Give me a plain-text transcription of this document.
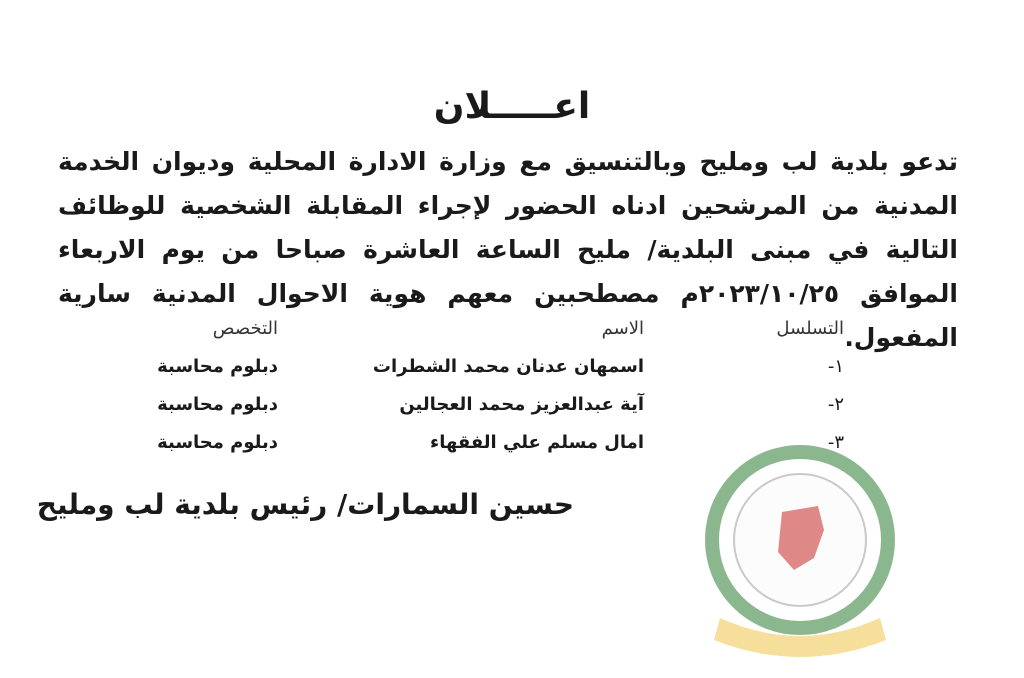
اعـــــلان
تدعو بلدية لب ومليح وبالتنسيق مع وزارة الادارة المحلية وديوان الخدمة المدنية من المرشحين ادناه الحضور لإجراء المقابلة الشخصية للوظائف التالية في مبنى البلدية/ مليح الساعة العاشرة صباحا من يوم الاربعاء الموافق ٢٠٢٣/١٠/٢٥م مصطحبين معهم هوية الاحوال المدنية سارية المفعول.
التسلسل
الاسم
التخصص
١-
اسمهان عدنان محمد الشطرات
دبلوم محاسبة
٢-
آية عبدالعزيز محمد العجالين
دبلوم محاسبة
٣-
امال مسلم علي الفقهاء
دبلوم محاسبة
حسين السمارات/ رئيس بلدية لب ومليح
